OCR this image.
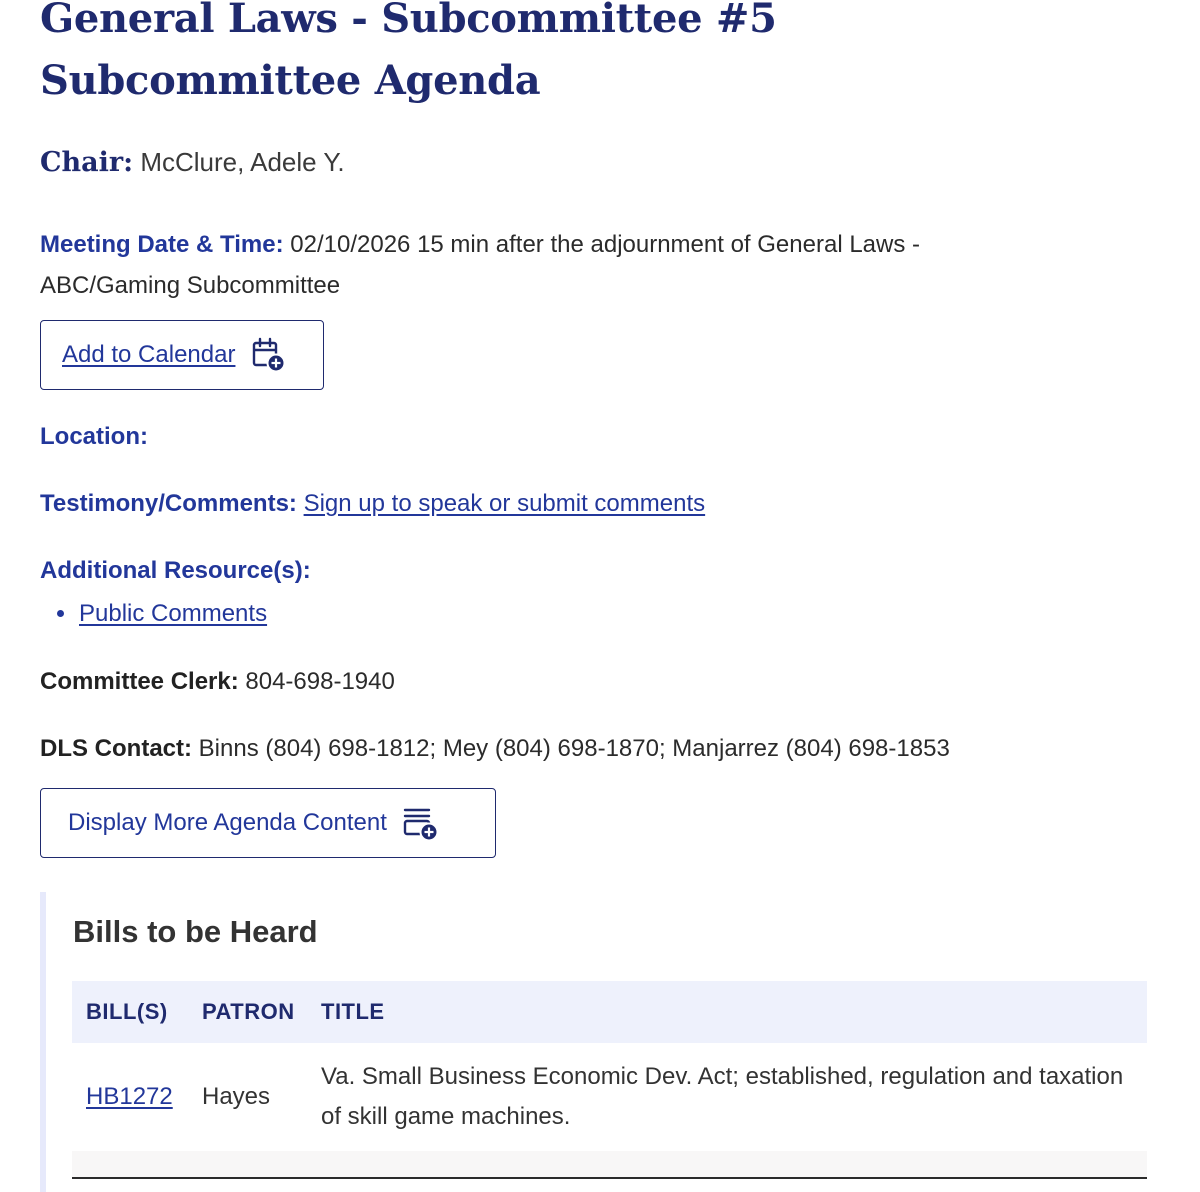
General Laws - Subcommittee #5 Subcommittee Agenda
Chair: McClure, Adele Y.
Meeting Date & Time: 02/10/2026 15 min after the adjournment of General Laws - ABC/Gaming Subcommittee
Add to Calendar
Location:
Testimony/Comments: Sign up to speak or submit comments
Additional Resource(s):
Public Comments
Committee Clerk: 804-698-1940
DLS Contact: Binns (804) 698-1812; Mey (804) 698-1870; Manjarrez (804) 698-1853
Display More Agenda Content
Bills to be Heard
BILL(S)	PATRON	TITLE
HB1272	Hayes	Va. Small Business Economic Dev. Act; established, regulation and taxation of skill game machines.
